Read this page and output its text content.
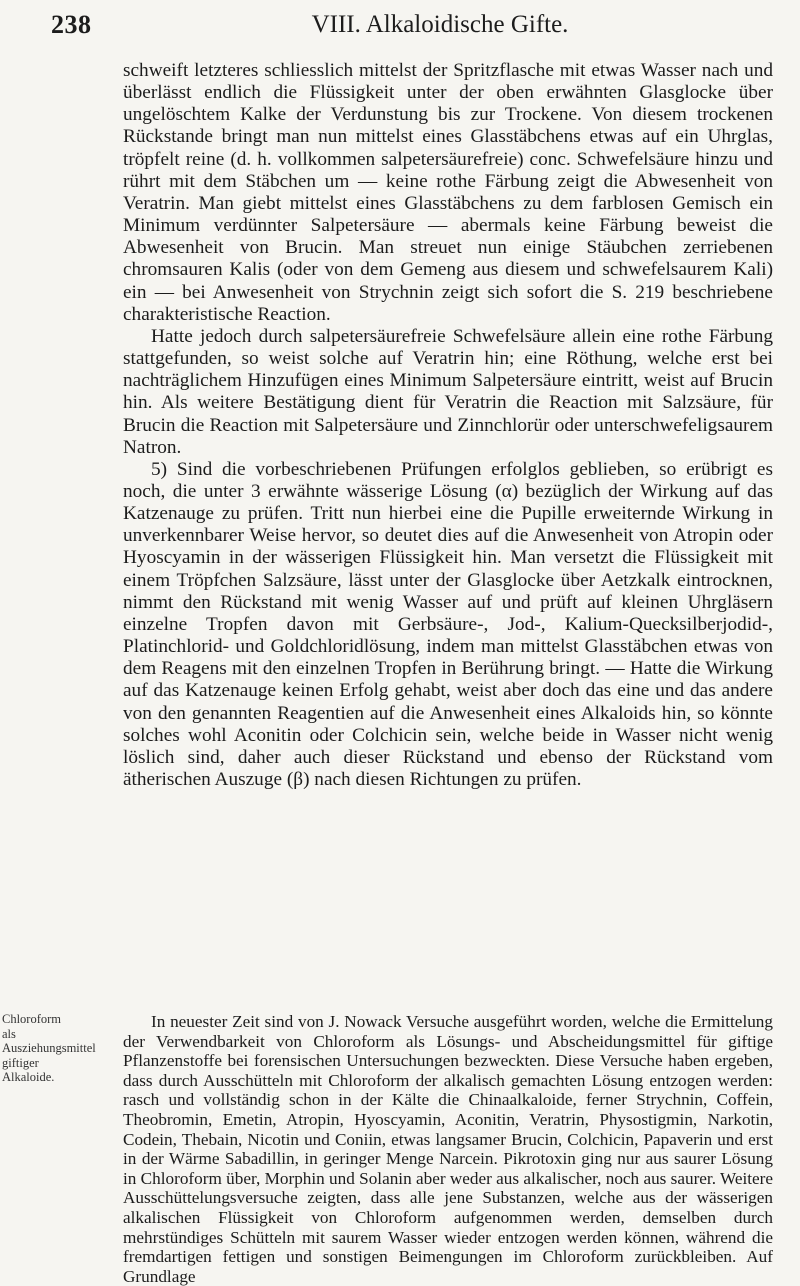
238	VIII. Alkaloidische Gifte.

schweift letzteres schliesslich mittelst der Spritzflasche mit etwas Wasser nach und überlässt endlich die Flüssigkeit unter der oben erwähnten Glasglocke über ungelöschtem Kalke der Verdunstung bis zur Trockene. Von diesem trockenen Rückstande bringt man nun mittelst eines Glasstäbchens etwas auf ein Uhrglas, tröpfelt reine (d. h. vollkommen salpetersäurefreie) conc. Schwefelsäure hinzu und rührt mit dem Stäbchen um — keine rothe Färbung zeigt die Abwesenheit von Veratrin. Man giebt mittelst eines Glasstäbchens zu dem farblosen Gemisch ein Minimum verdünnter Salpetersäure — abermals keine Färbung beweist die Abwesenheit von Brucin. Man streuet nun einige Stäubchen zerriebenen chromsauren Kalis (oder von dem Gemeng aus diesem und schwefelsaurem Kali) ein — bei Anwesenheit von Strychnin zeigt sich sofort die S. 219 beschriebene charakteristische Reaction.

Hatte jedoch durch salpetersäurefreie Schwefelsäure allein eine rothe Färbung stattgefunden, so weist solche auf Veratrin hin; eine Röthung, welche erst bei nachträglichem Hinzufügen eines Minimum Salpetersäure eintritt, weist auf Brucin hin. Als weitere Bestätigung dient für Veratrin die Reaction mit Salzsäure, für Brucin die Reaction mit Salpetersäure und Zinnchlorür oder unterschwefeligsaurem Natron.

5) Sind die vorbeschriebenen Prüfungen erfolglos geblieben, so erübrigt es noch, die unter 3 erwähnte wässerige Lösung (α) bezüglich der Wirkung auf das Katzenauge zu prüfen. Tritt nun hierbei eine die Pupille erweiternde Wirkung in unverkennbarer Weise hervor, so deutet dies auf die Anwesenheit von Atropin oder Hyoscyamin in der wässerigen Flüssigkeit hin. Man versetzt die Flüssigkeit mit einem Tröpfchen Salzsäure, lässt unter der Glasglocke über Aetzkalk eintrocknen, nimmt den Rückstand mit wenig Wasser auf und prüft auf kleinen Uhrgläsern einzelne Tropfen davon mit Gerbsäure-, Jod-, Kalium-Quecksilberjodid-, Platinchlorid- und Goldchloridlösung, indem man mittelst Glasstäbchen etwas von dem Reagens mit den einzelnen Tropfen in Berührung bringt. — Hatte die Wirkung auf das Katzenauge keinen Erfolg gehabt, weist aber doch das eine und das andere von den genannten Reagentien auf die Anwesenheit eines Alkaloids hin, so könnte solches wohl Aconitin oder Colchicin sein, welche beide in Wasser nicht wenig löslich sind, daher auch dieser Rückstand und ebenso der Rückstand vom ätherischen Auszuge (β) nach diesen Richtungen zu prüfen.

Chloroform als Ausziehungsmittel giftiger Alkaloide.

In neuester Zeit sind von J. Nowack Versuche ausgeführt worden, welche die Ermittelung der Verwendbarkeit von Chloroform als Lösungs- und Abscheidungsmittel für giftige Pflanzenstoffe bei forensischen Untersuchungen bezweckten. Diese Versuche haben ergeben, dass durch Ausschütteln mit Chloroform der alkalisch gemachten Lösung entzogen werden: rasch und vollständig schon in der Kälte die Chinaalkaloide, ferner Strychnin, Coffein, Theobromin, Emetin, Atropin, Hyoscyamin, Aconitin, Veratrin, Physostigmin, Narkotin, Codein, Thebain, Nicotin und Coniin, etwas langsamer Brucin, Colchicin, Papaverin und erst in der Wärme Sabadillin, in geringer Menge Narcein. Pikrotoxin ging nur aus saurer Lösung in Chloroform über, Morphin und Solanin aber weder aus alkalischer, noch aus saurer. Weitere Ausschüttelungsversuche zeigten, dass alle jene Substanzen, welche aus der wässerigen alkalischen Flüssigkeit von Chloroform aufgenommen werden, demselben durch mehrstündiges Schütteln mit saurem Wasser wieder entzogen werden können, während die fremdartigen fettigen und sonstigen Beimengungen im Chloroform zurückbleiben. Auf Grundlage
